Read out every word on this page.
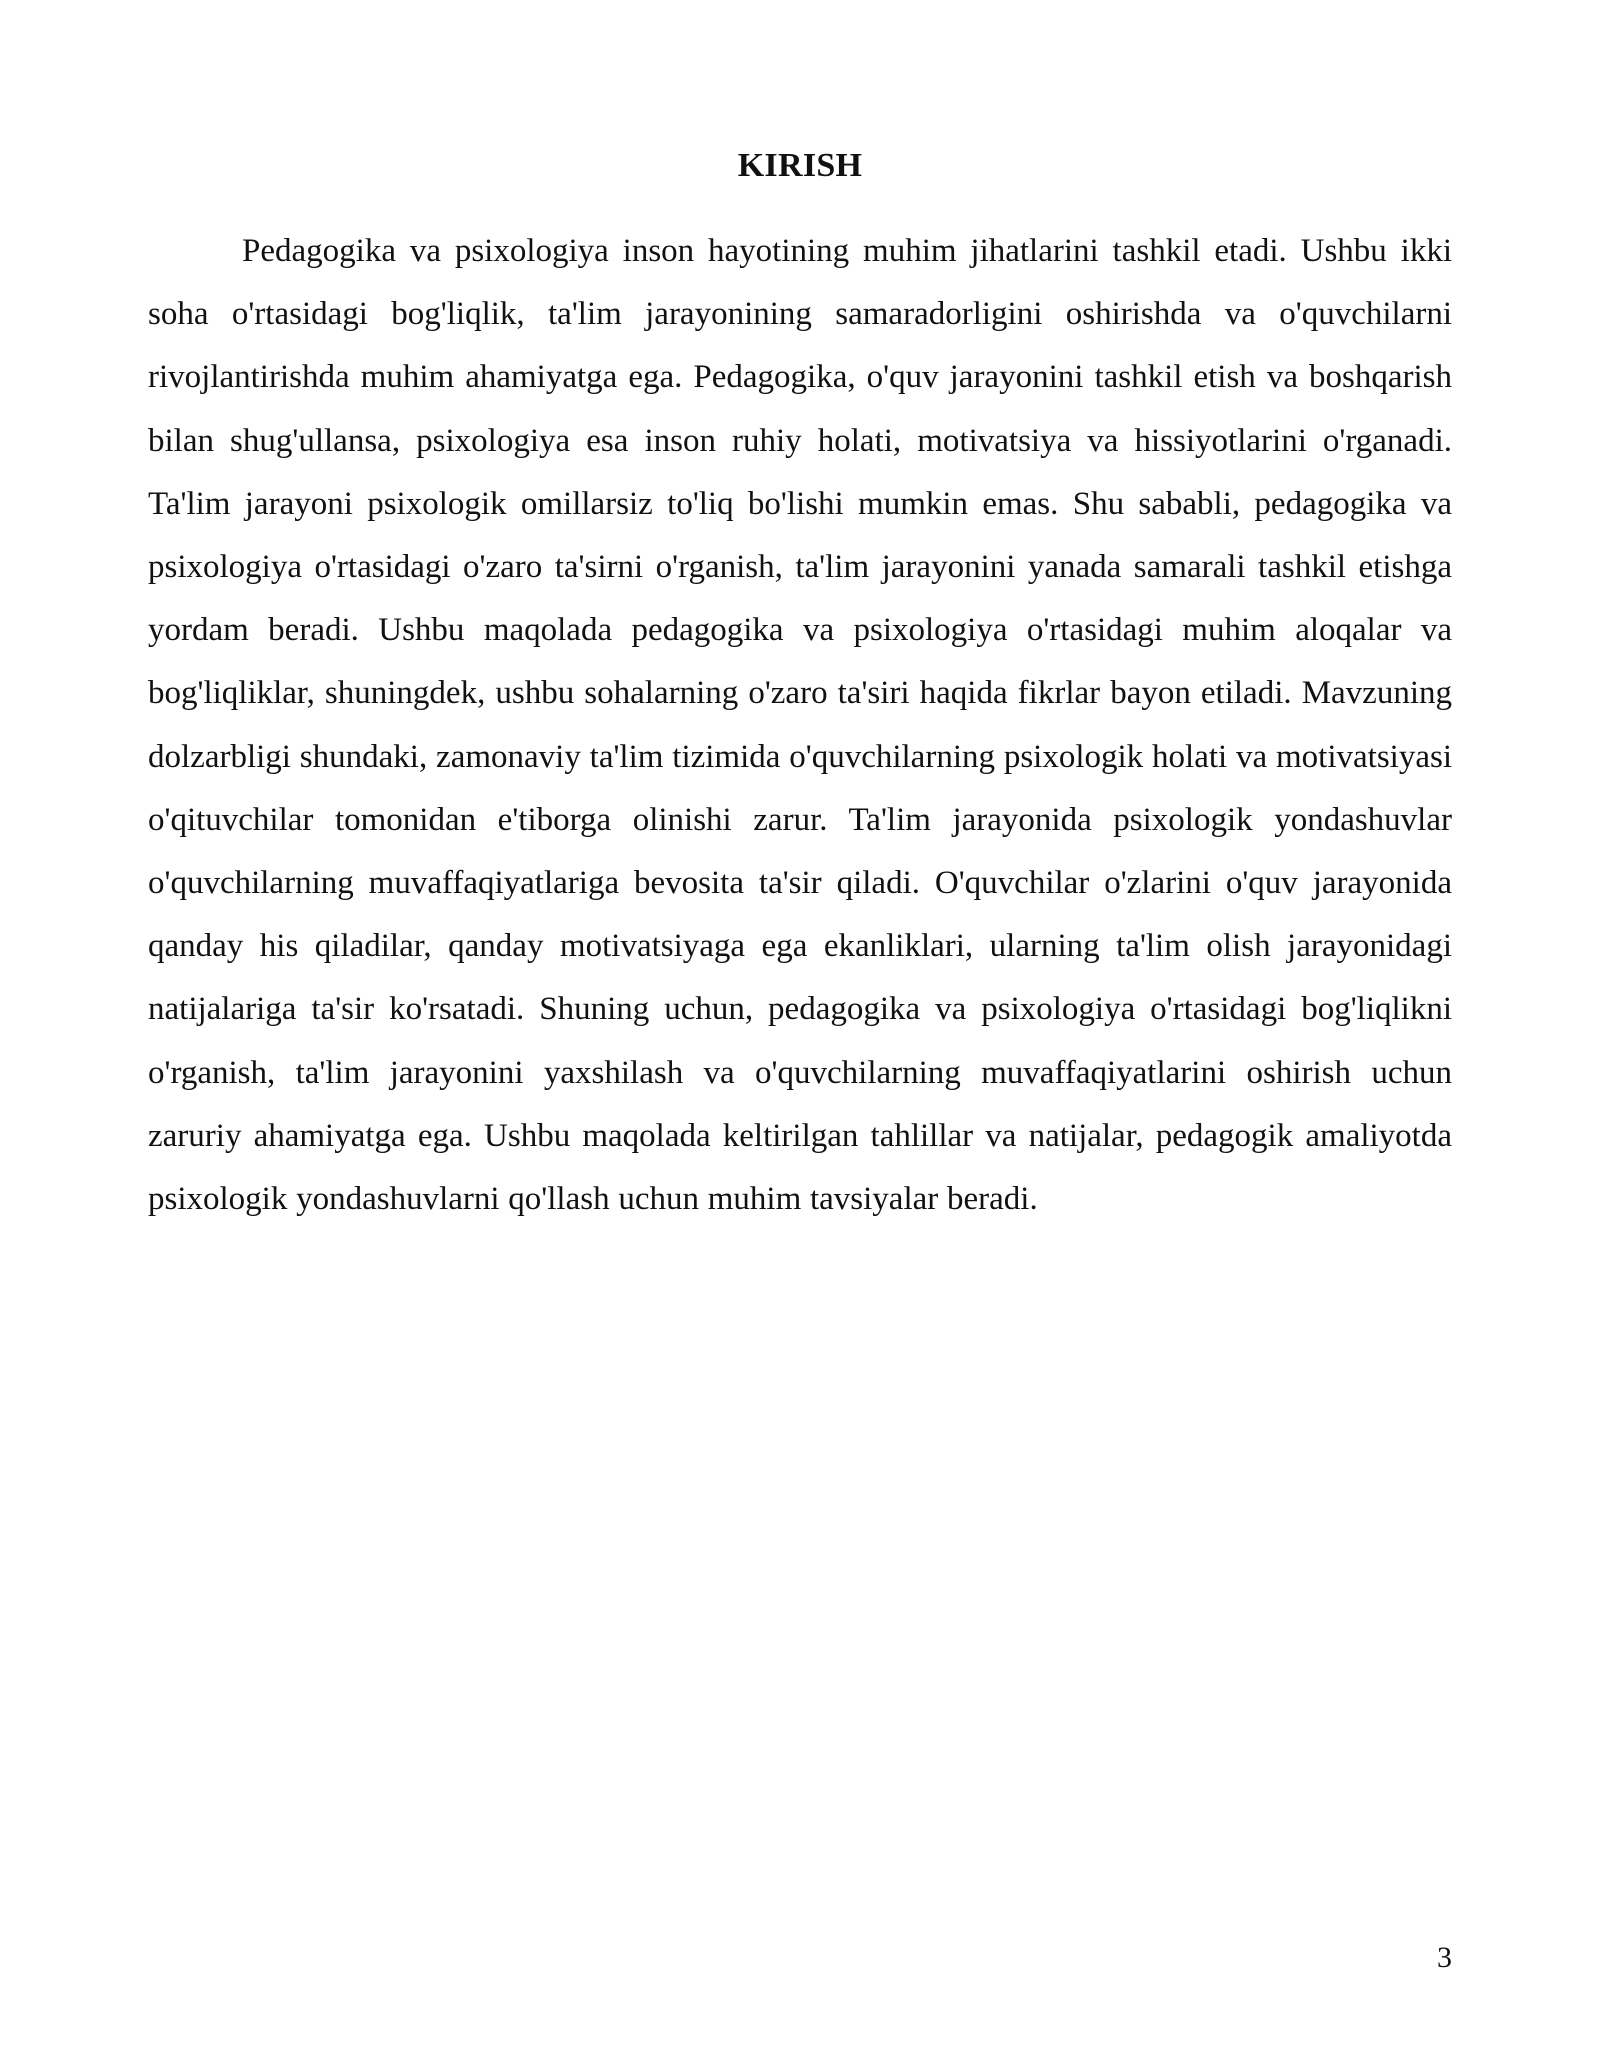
KIRISH

Pedagogika va psixologiya inson hayotining muhim jihatlarini tashkil etadi. Ushbu ikki soha o'rtasidagi bog'liqlik, ta'lim jarayonining samaradorligini oshirishda va o'quvchilarni rivojlantirishda muhim ahamiyatga ega. Pedagogika, o'quv jarayonini tashkil etish va boshqarish bilan shug'ullansa, psixologiya esa inson ruhiy holati, motivatsiya va hissiyotlarini o'rganadi. Ta'lim jarayoni psixologik omillarsiz to'liq bo'lishi mumkin emas. Shu sababli, pedagogika va psixologiya o'rtasidagi o'zaro ta'sirni o'rganish, ta'lim jarayonini yanada samarali tashkil etishga yordam beradi. Ushbu maqolada pedagogika va psixologiya o'rtasidagi muhim aloqalar va bog'liqliklar, shuningdek, ushbu sohalarning o'zaro ta'siri haqida fikrlar bayon etiladi. Mavzuning dolzarbligi shundaki, zamonaviy ta'lim tizimida o'quvchilarning psixologik holati va motivatsiyasi o'qituvchilar tomonidan e'tiborga olinishi zarur. Ta'lim jarayonida psixologik yondashuvlar o'quvchilarning muvaffaqiyatlariga bevosita ta'sir qiladi. O'quvchilar o'zlarini o'quv jarayonida qanday his qiladilar, qanday motivatsiyaga ega ekanliklari, ularning ta'lim olish jarayonidagi natijalariga ta'sir ko'rsatadi. Shuning uchun, pedagogika va psixologiya o'rtasidagi bog'liqlikni o'rganish, ta'lim jarayonini yaxshilash va o'quvchilarning muvaffaqiyatlarini oshirish uchun zaruriy ahamiyatga ega. Ushbu maqolada keltirilgan tahlillar va natijalar, pedagogik amaliyotda psixologik yondashuvlarni qo'llash uchun muhim tavsiyalar beradi.

3
